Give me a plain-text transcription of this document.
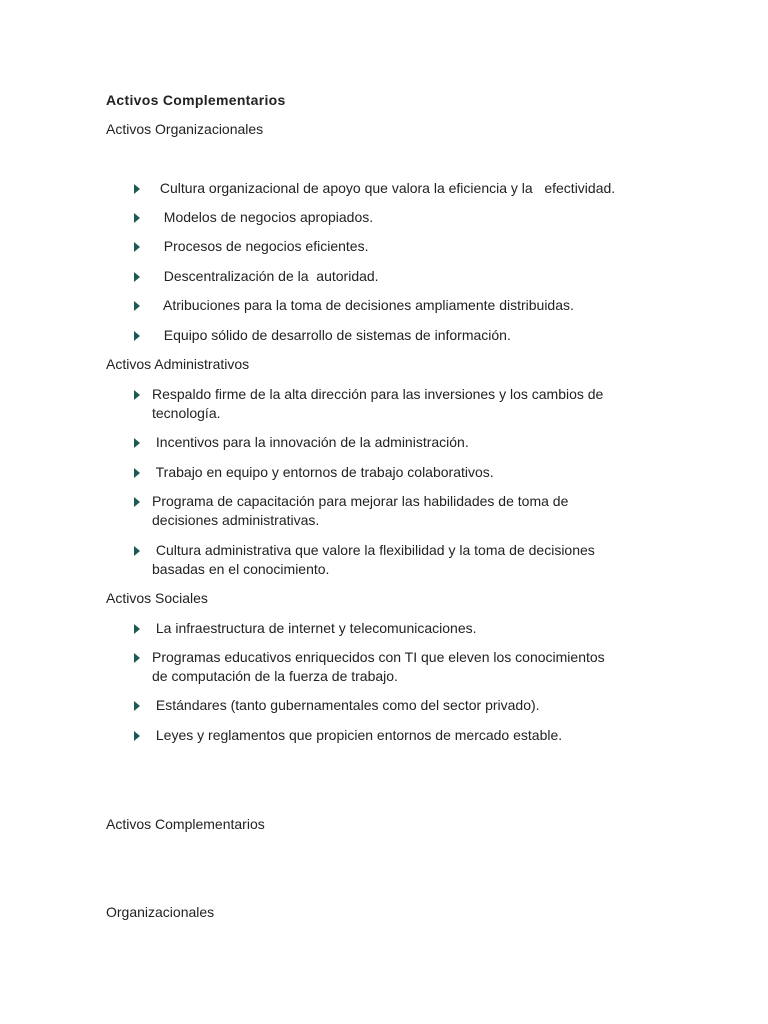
Activos Complementarios
Activos Organizacionales
Cultura organizacional de apoyo que valora la eficiencia y la   efectividad.
Modelos de negocios apropiados.
Procesos de negocios eficientes.
Descentralización de la  autoridad.
Atribuciones para la toma de decisiones ampliamente distribuidas.
Equipo sólido de desarrollo de sistemas de información.
Activos Administrativos
Respaldo firme de la alta dirección para las inversiones y los cambios de
tecnología.
Incentivos para la innovación de la administración.
Trabajo en equipo y entornos de trabajo colaborativos.
Programa de capacitación para mejorar las habilidades de toma de
decisiones administrativas.
Cultura administrativa que valore la flexibilidad y la toma de decisiones
basadas en el conocimiento.
Activos Sociales
La infraestructura de internet y telecomunicaciones.
Programas educativos enriquecidos con TI que eleven los conocimientos
de computación de la fuerza de trabajo.
Estándares (tanto gubernamentales como del sector privado).
Leyes y reglamentos que propicien entornos de mercado estable.
Activos Complementarios
Organizacionales
